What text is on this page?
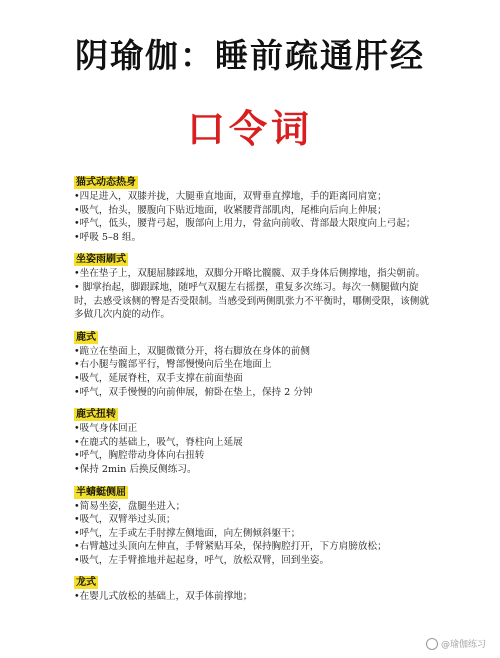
阴瑜伽：睡前疏通肝经
口令词
猫式动态热身
•四足进入，双膝并拢，大腿垂直地面，双臂垂直撑地，手的距离同肩宽；
•吸气，抬头，腰腹向下贴近地面，收紧腰背部肌肉，尾椎向后向上伸展；
•呼气，低头，腰背弓起，腹部向上用力，骨盆向前收、背部最大限度向上弓起；
•呼吸 5–8 组。
坐姿雨刷式
•坐在垫子上，双腿屈膝踩地，双脚分开略比髋髋、双手身体后侧撑地，指尖朝前。
• 脚掌抬起，脚跟踩地，随呼气双腿左右摇摆，重复多次练习。每次一侧腿做内旋时，去感受该侧的臀是否受限制。当感受到两侧肌张力不平衡时，哪侧受限，该侧就多做几次内旋的动作。
鹿式
•跪立在垫面上，双腿微微分开，将右脚放在身体的前侧
•右小腿与髋部平行，臀部慢慢向后坐在地面上
•吸气，延展脊柱，双手支撑在前面垫面
•呼气，双手慢慢的向前伸展，俯卧在垫上，保持 2 分钟
鹿式扭转
•吸气身体回正
•在鹿式的基础上，吸气，脊柱向上延展
•呼气，胸腔带动身体向右扭转
•保持 2min 后换反侧练习。
半蜻蜓侧屈
•简易坐姿，盘腿坐进入；
•吸气，双臂举过头顶；
•呼气，左手或左手肘撑左侧地面，向左侧倾斜躯干；
•右臂越过头顶向左伸直，手臂紧贴耳朵，保持胸腔打开，下方肩膀放松；
•吸气，左手臂推地并起起身，呼气，放松双臂，回到坐姿。
龙式
•在婴儿式放松的基础上，双手体前撑地；
@瑜伽练习
